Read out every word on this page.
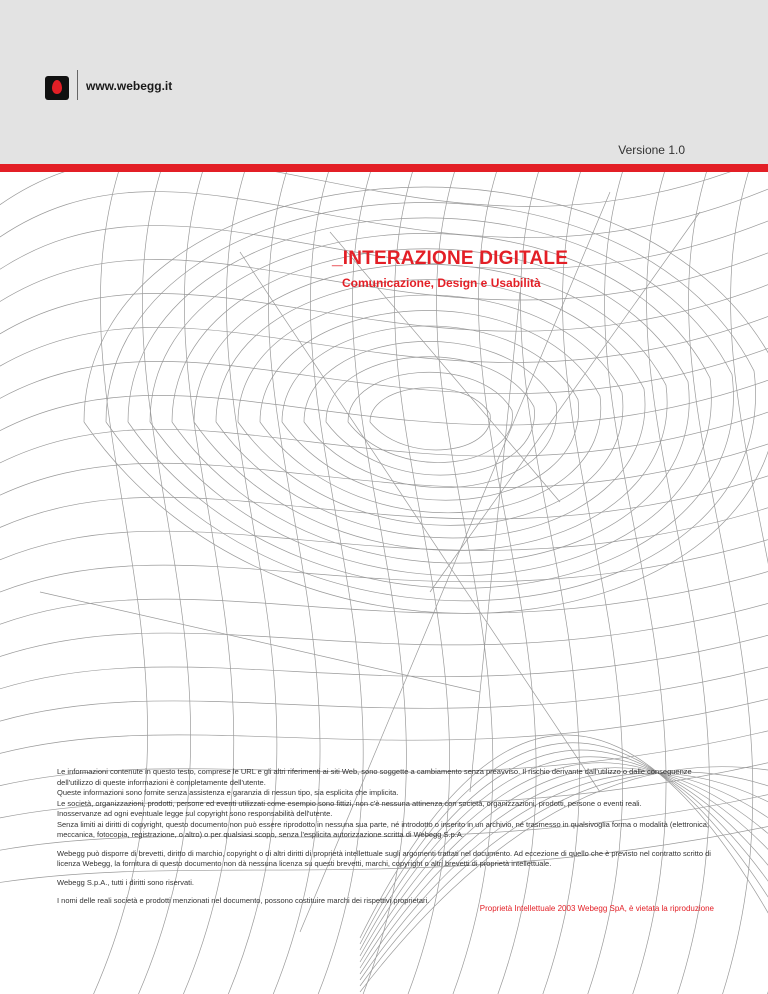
www.webegg.it
Versione 1.0
_INTERAZIONE DIGITALE
Comunicazione, Design e Usabilità

Le informazioni contenute in questo testo, comprese le URL e gli altri riferimenti ai siti Web, sono soggette a cambiamento senza preavviso. Il rischio derivante dall'utilizzo o dalle conseguenze dell'utilizzo di queste informazioni è completamente dell'utente.
Queste informazioni sono fornite senza assistenza e garanzia di nessun tipo, sia esplicita che implicita.
Le società, organizzazioni, prodotti, persone ed eventi utilizzati come esempio sono fittizi, non c'è nessuna attinenza con società, organizzazioni, prodotti, persone o eventi reali.
Inosservanze ad ogni eventuale legge sul copyright sono responsabilità dell'utente.
Senza limiti ai diritti di copyright, questo documento non può essere riprodotto in nessuna sua parte, né introdotto o inserito in un archivio, né trasmesso in qualsivoglia forma o modalità (elettronica, meccanica, fotocopia, registrazione, o altro) o per qualsiasi scopo, senza l'esplicita autorizzazione scritta di Webegg S.p.A.

Webegg può disporre di brevetti, diritto di marchio, copyright o di altri diritti di proprietà intellettuale sugli argomenti trattati nel documento. Ad eccezione di quello che è previsto nel contratto scritto di licenza Webegg, la fornitura di questo documento non dà nessuna licenza su questi brevetti, marchi, copyright o altri brevetti di proprietà intellettuale.

Webegg S.p.A., tutti i diritti sono riservati.

I nomi delle reali società e prodotti menzionati nel documento, possono costituire marchi dei rispettivi proprietari.

Proprietà Intellettuale 2003 Webegg SpA, è vietata la riproduzione
